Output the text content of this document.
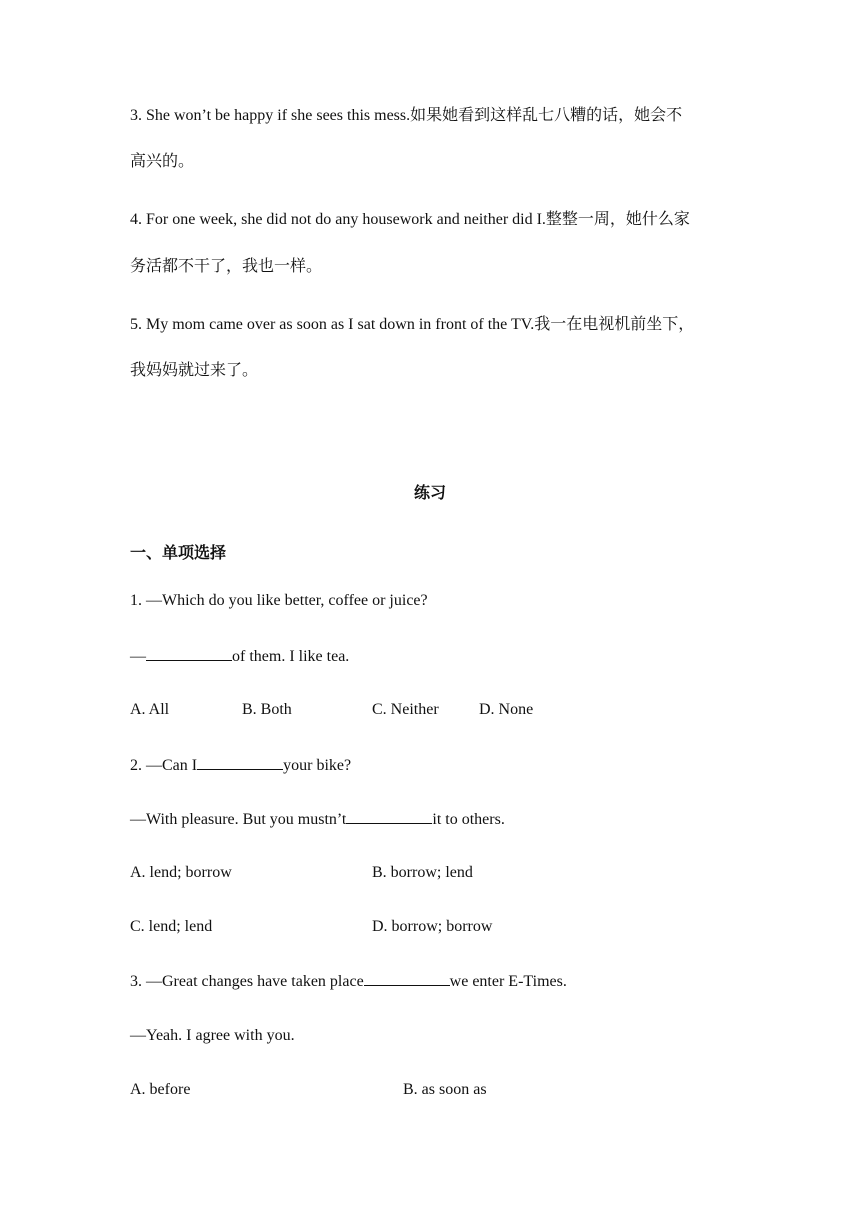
3. She won’t be happy if she sees this mess.如果她看到这样乱七八糟的话，她会不
高兴的。
4. For one week, she did not do any housework and neither did I.整整一周，她什么家
务活都不干了，我也一样。
5. My mom came over as soon as I sat down in front of the TV.我一在电视机前坐下，
我妈妈就过来了。
练习
一、单项选择
1. —Which do you like better, coffee or juice?
—	of them. I like tea.
A. All	B. Both	C. Neither	D. None
2. —Can I	your bike?
—With pleasure. But you mustn’t	it to others.
A. lend; borrow	B. borrow; lend
C. lend; lend	D. borrow; borrow
3. —Great changes have taken place	we enter E-Times.
—Yeah. I agree with you.
A. before	B. as soon as
